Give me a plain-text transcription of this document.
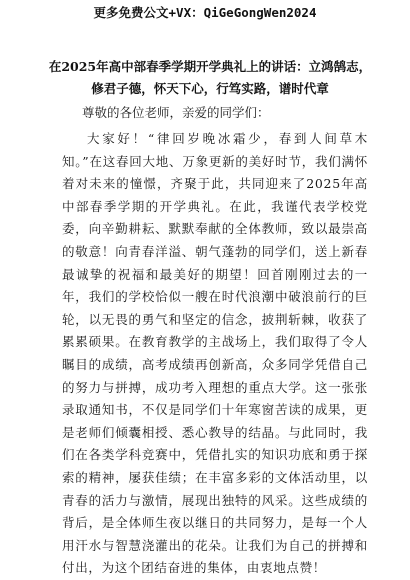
更多免费公文+VX：QiGeGongWen2024
在2025年高中部春季学期开学典礼上的讲话：立鸿鹄志，
修君子德，怀天下心，行笃实路，谱时代章
尊敬的各位老师，亲爱的同学们：
大家好！“律回岁晚冰霜少，春到人间草木知。”在这春回大地、万象更新的美好时节，我们满怀着对未来的憧憬，齐聚于此，共同迎来了2025年高中部春季学期的开学典礼。在此，我谨代表学校党委，向辛勤耕耘、默默奉献的全体教师，致以最崇高的敬意！向青春洋溢、朝气蓬勃的同学们，送上新春最诚挚的祝福和最美好的期望！回首刚刚过去的一年，我们的学校恰似一艘在时代浪潮中破浪前行的巨轮，以无畏的勇气和坚定的信念，披荆斩棘，收获了累累硕果。在教育教学的主战场上，我们取得了令人瞩目的成绩，高考成绩再创新高，众多同学凭借自己的努力与拼搏，成功考入理想的重点大学。这一张张录取通知书，不仅是同学们十年寒窗苦读的成果，更是老师们倾囊相授、悉心教导的结晶。与此同时，我们在各类学科竞赛中，凭借扎实的知识功底和勇于探索的精神，屡获佳绩；在丰富多彩的文体活动里，以青春的活力与激情，展现出独特的风采。这些成绩的背后，是全体师生夜以继日的共同努力，是每一个人用汗水与智慧浇灌出的花朵。让我们为自己的拼搏和付出，为这个团结奋进的集体，由衷地点赞！
